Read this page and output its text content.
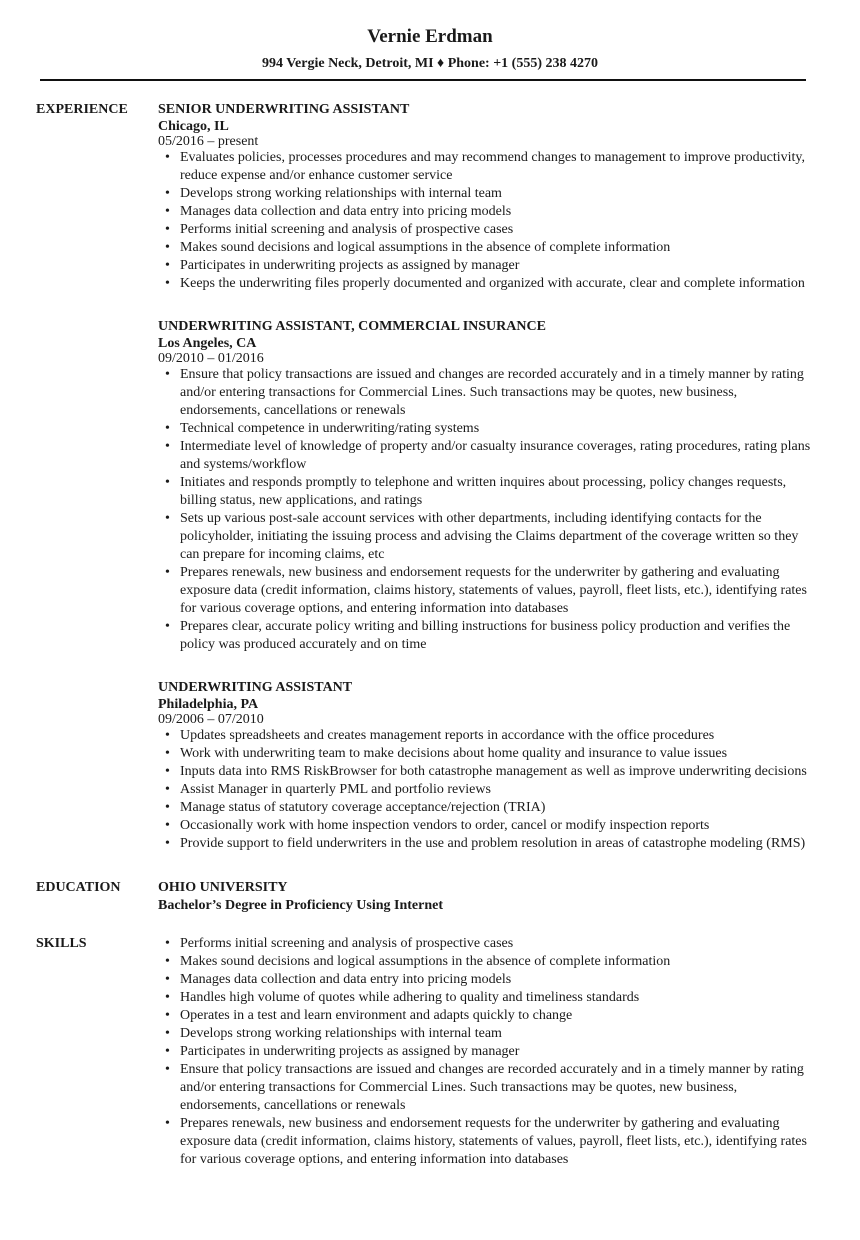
Vernie Erdman
994 Vergie Neck, Detroit, MI ♦ Phone: +1 (555) 238 4270
EXPERIENCE SENIOR UNDERWRITING ASSISTANT
Chicago, IL
05/2016 – present
• Evaluates policies, processes procedures and may recommend changes to management to improve productivity, reduce expense and/or enhance customer service
• Develops strong working relationships with internal team
• Manages data collection and data entry into pricing models
• Performs initial screening and analysis of prospective cases
• Makes sound decisions and logical assumptions in the absence of complete information
• Participates in underwriting projects as assigned by manager
• Keeps the underwriting files properly documented and organized with accurate, clear and complete information
UNDERWRITING ASSISTANT, COMMERCIAL INSURANCE
Los Angeles, CA
09/2010 – 01/2016
• Ensure that policy transactions are issued and changes are recorded accurately and in a timely manner by rating and/or entering transactions for Commercial Lines. Such transactions may be quotes, new business, endorsements, cancellations or renewals
• Technical competence in underwriting/rating systems
• Intermediate level of knowledge of property and/or casualty insurance coverages, rating procedures, rating plans and systems/workflow
• Initiates and responds promptly to telephone and written inquires about processing, policy changes requests, billing status, new applications, and ratings
• Sets up various post-sale account services with other departments, including identifying contacts for the policyholder, initiating the issuing process and advising the Claims department of the coverage written so they can prepare for incoming claims, etc
• Prepares renewals, new business and endorsement requests for the underwriter by gathering and evaluating exposure data (credit information, claims history, statements of values, payroll, fleet lists, etc.), identifying rates for various coverage options, and entering information into databases
• Prepares clear, accurate policy writing and billing instructions for business policy production and verifies the policy was produced accurately and on time
UNDERWRITING ASSISTANT
Philadelphia, PA
09/2006 – 07/2010
• Updates spreadsheets and creates management reports in accordance with the office procedures
• Work with underwriting team to make decisions about home quality and insurance to value issues
• Inputs data into RMS RiskBrowser for both catastrophe management as well as improve underwriting decisions
• Assist Manager in quarterly PML and portfolio reviews
• Manage status of statutory coverage acceptance/rejection (TRIA)
• Occasionally work with home inspection vendors to order, cancel or modify inspection reports
• Provide support to field underwriters in the use and problem resolution in areas of catastrophe modeling (RMS)
EDUCATION	OHIO UNIVERSITY
Bachelor’s Degree in Proficiency Using Internet
SKILLS
•	Performs initial screening and analysis of prospective cases
• Makes sound decisions and logical assumptions in the absence of complete information
• Manages data collection and data entry into pricing models
• Handles high volume of quotes while adhering to quality and timeliness standards
• Operates in a test and learn environment and adapts quickly to change
• Develops strong working relationships with internal team
• Participates in underwriting projects as assigned by manager
• Ensure that policy transactions are issued and changes are recorded accurately and in a timely manner by rating and/or entering transactions for Commercial Lines. Such transactions may be quotes, new business, endorsements, cancellations or renewals
• Prepares renewals, new business and endorsement requests for the underwriter by gathering and evaluating exposure data (credit information, claims history, statements of values, payroll, fleet lists, etc.), identifying rates for various coverage options, and entering information into databases
